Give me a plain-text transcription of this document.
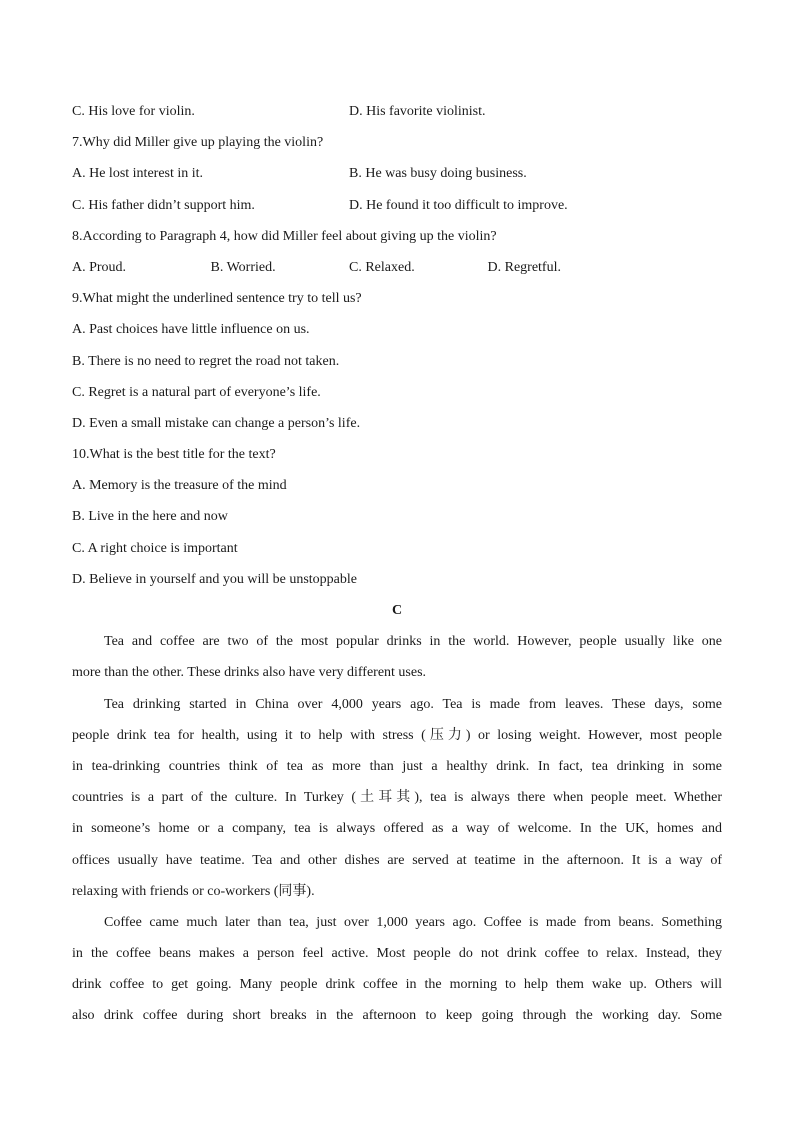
C. His love for violin.	D. His favorite violinist.
7.Why did Miller give up playing the violin?
A. He lost interest in it.	B. He was busy doing business.
C. His father didn’t support him.	D. He found it too difficult to improve.
8.According to Paragraph 4, how did Miller feel about giving up the violin?
A. Proud.	B. Worried.	C. Relaxed.	D. Regretful.
9.What might the underlined sentence try to tell us?
A. Past choices have little influence on us.
B. There is no need to regret the road not taken.
C. Regret is a natural part of everyone’s life.
D. Even a small mistake can change a person’s life.
10.What is the best title for the text?
A. Memory is the treasure of the mind
B. Live in the here and now
C. A right choice is important
D. Believe in yourself and you will be unstoppable
C
Tea and coffee are two of the most popular drinks in the world. However, people usually like one
more than the other. These drinks also have very different uses.
Tea drinking started in China over 4,000 years ago. Tea is made from leaves. These days, some
people drink tea for health, using it to help with stress (压力) or losing weight. However, most people
in tea-drinking countries think of tea as more than just a healthy drink. In fact, tea drinking in some
countries is a part of the culture. In Turkey (土耳其), tea is always there when people meet. Whether
in someone’s home or a company, tea is always offered as a way of welcome. In the UK, homes and
offices usually have teatime. Tea and other dishes are served at teatime in the afternoon. It is a way of
relaxing with friends or co-workers (同事).
Coffee came much later than tea, just over 1,000 years ago. Coffee is made from beans. Something
in the coffee beans makes a person feel active. Most people do not drink coffee to relax. Instead, they
drink coffee to get going. Many people drink coffee in the morning to help them wake up. Others will
also drink coffee during short breaks in the afternoon to keep going through the working day. Some
